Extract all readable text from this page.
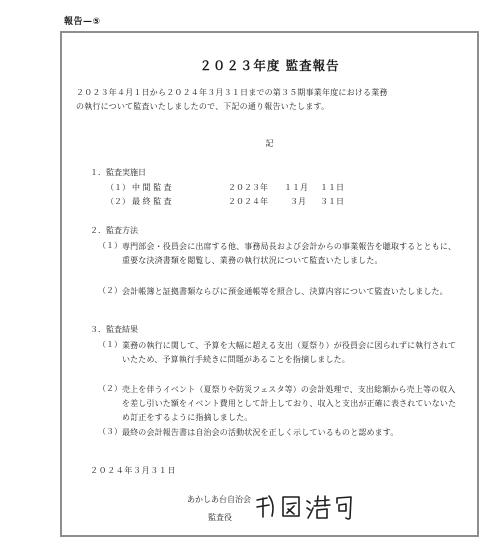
報告—⑤
２０２３年度 監査報告

２０２３年４月１日から２０２４年３月３１日までの第３５期事業年度における業務

の執行について監査いたしましたので、下記の通り報告いたします。

記
１．監査実施日
（１） 中 間 監 査	２０２３年 １１月 １１日
（２） 最 終 監 査	２０２４年	３月 ３１日
２．監査方法
（１） 専門部会・役員会に出席する他、事務局長および会計からの事業報告を聴取するとともに、重要な決済書類を閲覧し、業務の執行状況について監査いたしました。
（２） 会計帳簿と証拠書類ならびに預金通帳等を照合し、決算内容について監査いたしました。
３．監査結果
（１） 業務の執行に関して、予算を大幅に超える支出（夏祭り）が役員会に図られずに執行されていたため、予算執行手続きに問題があることを指摘しました。
（２） 売上を伴うイベント（夏祭りや防災フェスタ等）の会計処理で、支出総額から売上等の収入を差し引いた額をイベント費用として計上しており、収入と支出が正確に表されていないため訂正をするように指摘しました。
（３） 最終の会計報告書は自治会の活動状況を正しく示しているものと認めます。
２０２４年３月３１日
あかしあ台自治会
監査役
